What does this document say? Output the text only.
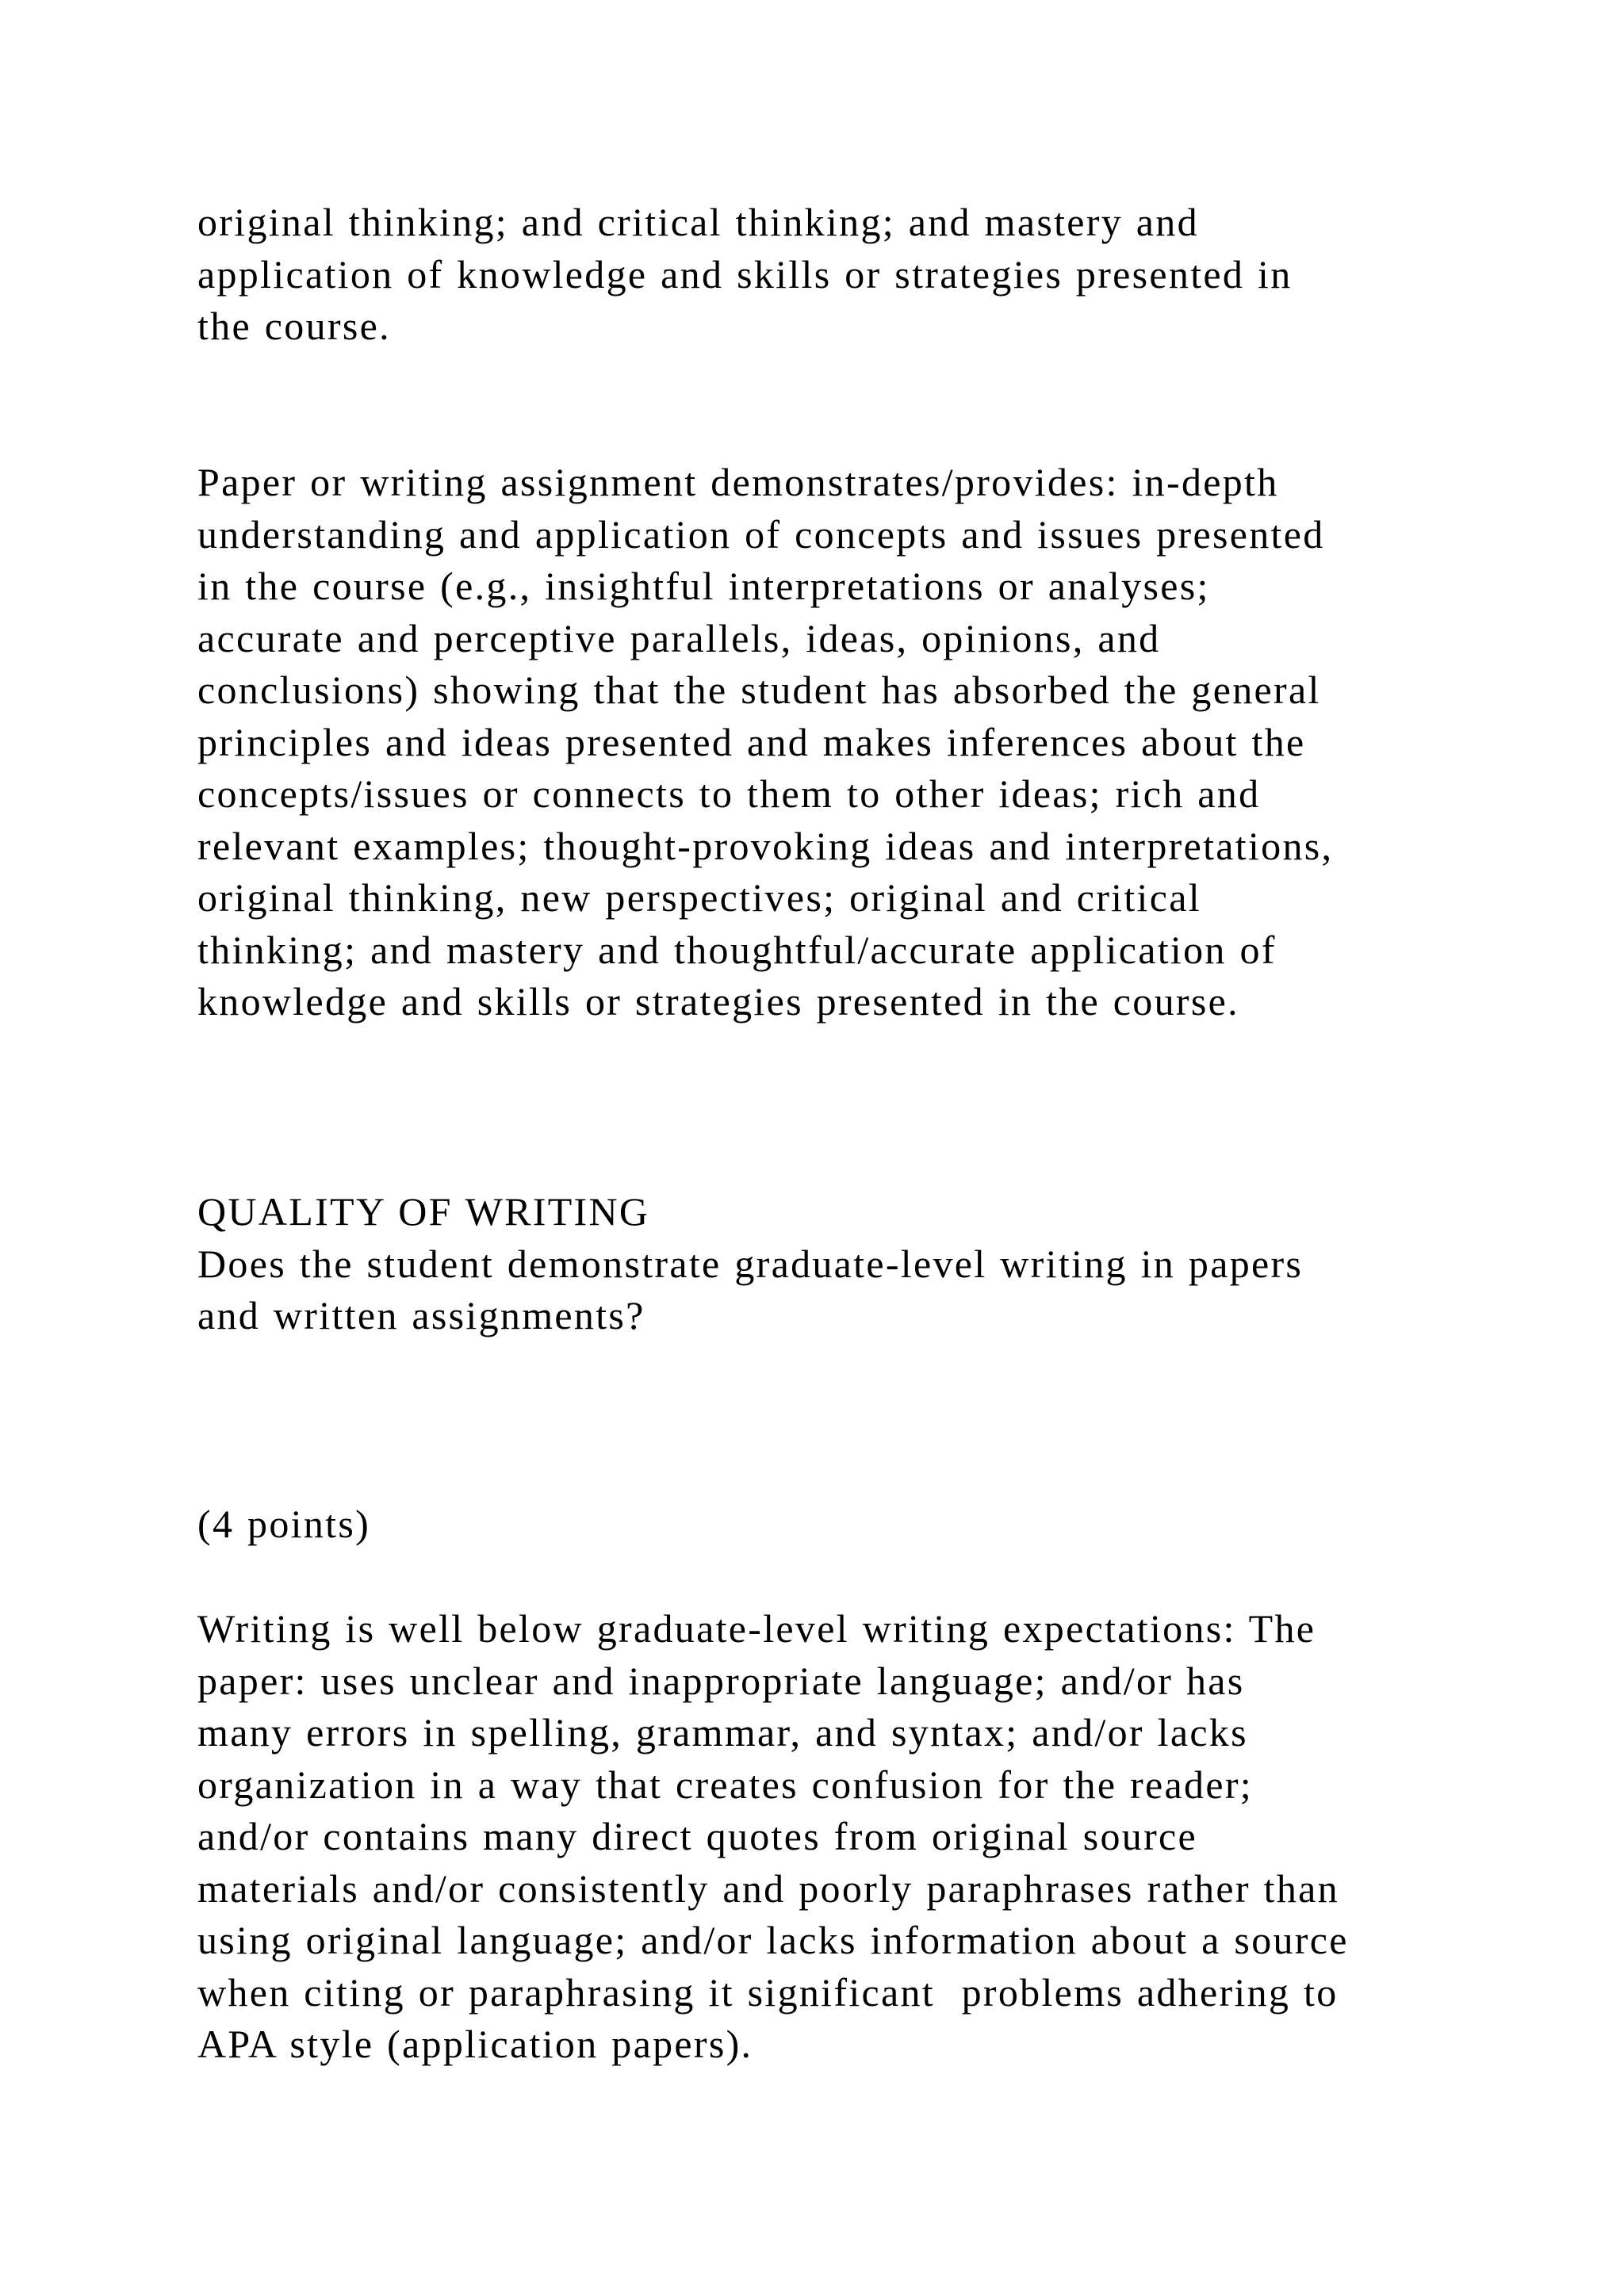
original thinking; and critical thinking; and mastery and
application of knowledge and skills or strategies presented in
the course.
Paper or writing assignment demonstrates/provides: in-depth
understanding and application of concepts and issues presented
in the course (e.g., insightful interpretations or analyses;
accurate and perceptive parallels, ideas, opinions, and
conclusions) showing that the student has absorbed the general
principles and ideas presented and makes inferences about the
concepts/issues or connects to them to other ideas; rich and
relevant examples; thought-provoking ideas and interpretations,
original thinking, new perspectives; original and critical
thinking; and mastery and thoughtful/accurate application of
knowledge and skills or strategies presented in the course.
QUALITY OF WRITING
Does the student demonstrate graduate-level writing in papers
and written assignments?
(4 points)
Writing is well below graduate-level writing expectations: The
paper: uses unclear and inappropriate language; and/or has
many errors in spelling, grammar, and syntax; and/or lacks
organization in a way that creates confusion for the reader;
and/or contains many direct quotes from original source
materials and/or consistently and poorly paraphrases rather than
using original language; and/or lacks information about a source
when citing or paraphrasing it significant  problems adhering to
APA style (application papers).
